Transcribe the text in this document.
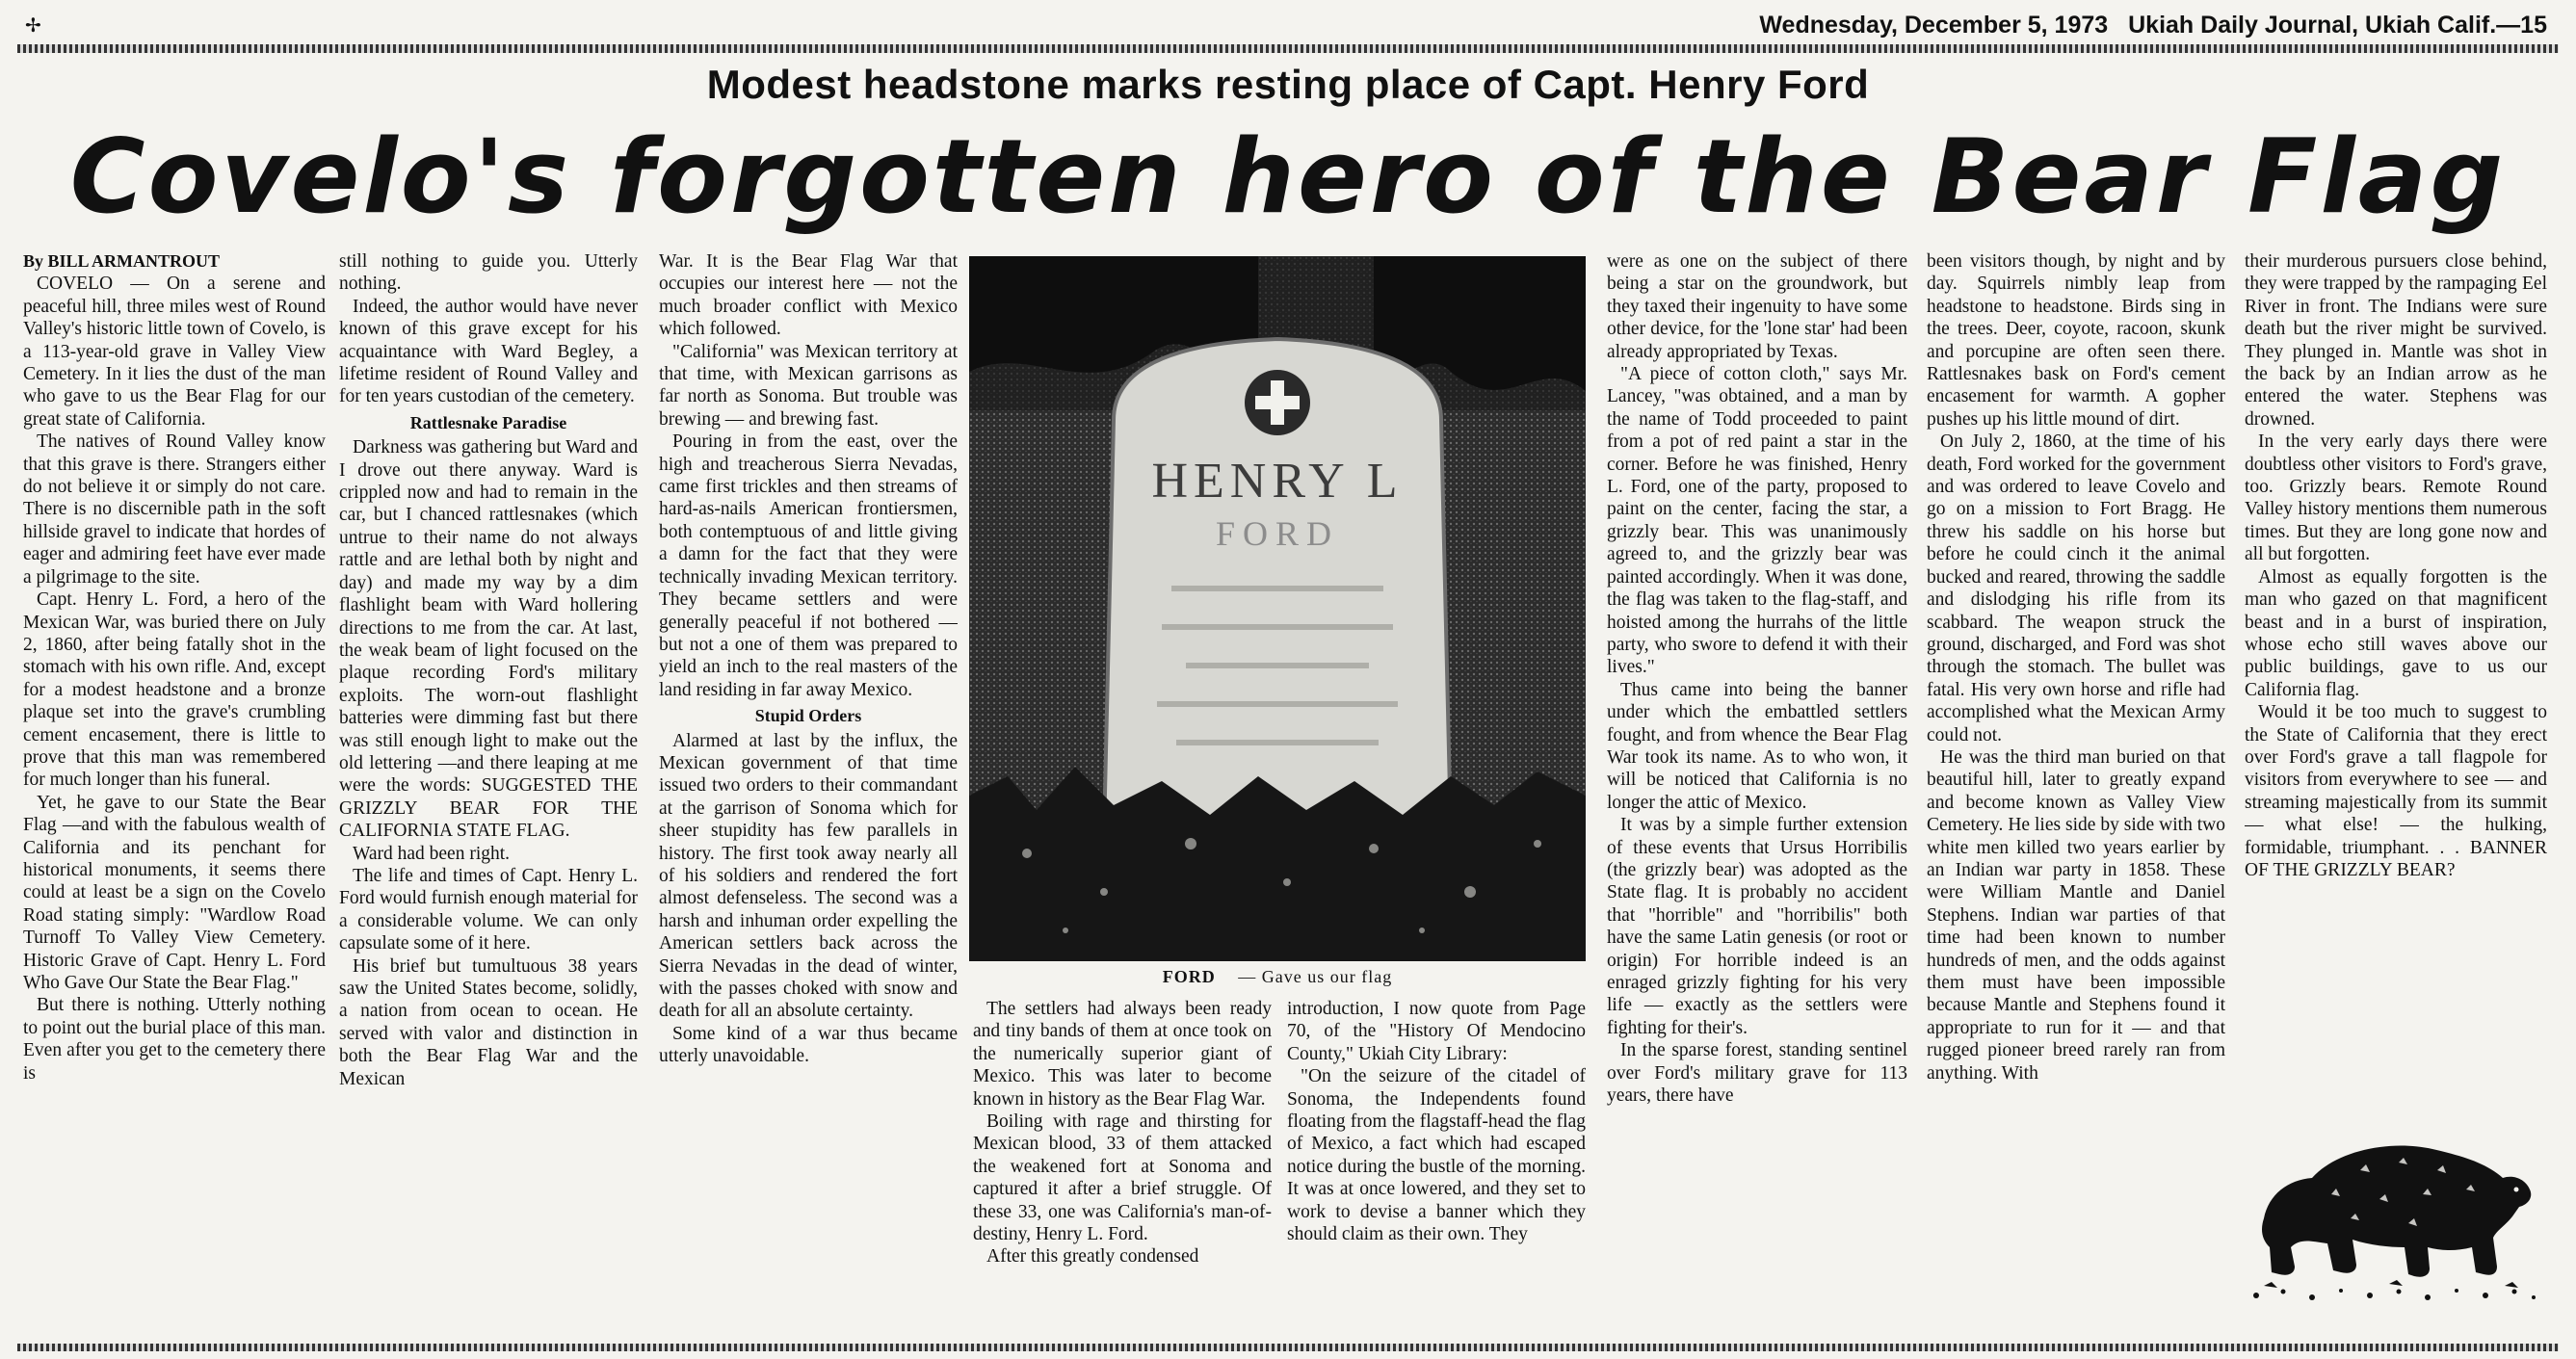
✢	Wednesday, December 5, 1973 Ukiah Daily Journal, Ukiah Calif.—15
Modest headstone marks resting place of Capt. Henry Ford
Covelo's forgotten hero of the Bear Flag

By BILL ARMANTROUT

COVELO — On a serene and peaceful hill, three miles west of Round Valley's historic little town of Covelo, is a 113-year-old grave in Valley View Cemetery. In it lies the dust of the man who gave to us the Bear Flag for our great state of California.

The natives of Round Valley know that this grave is there. Strangers either do not believe it or simply do not care. There is no discernible path in the soft hillside gravel to indicate that hordes of eager and admiring feet have ever made a pilgrimage to the site.

Capt. Henry L. Ford, a hero of the Mexican War, was buried there on July 2, 1860, after being fatally shot in the stomach with his own rifle. And, except for a modest headstone and a bronze plaque set into the grave's crumbling cement encasement, there is little to prove that this man was remembered for much longer than his funeral.

Yet, he gave to our State the Bear Flag —and with the fabulous wealth of California and its penchant for historical monuments, it seems there could at least be a sign on the Covelo Road stating simply: "Wardlow Road Turnoff To Valley View Cemetery. Historic Grave of Capt. Henry L. Ford Who Gave Our State the Bear Flag."

But there is nothing. Utterly nothing to point out the burial place of this man. Even after you get to the cemetery there is

still nothing to guide you. Utterly nothing.

Indeed, the author would have never known of this grave except for his acquaintance with Ward Begley, a lifetime resident of Round Valley and for ten years custodian of the cemetery.

Rattlesnake Paradise

Darkness was gathering but Ward and I drove out there anyway. Ward is crippled now and had to remain in the car, but I chanced rattlesnakes (which untrue to their name do not always rattle and are lethal both by night and day) and made my way by a dim flashlight beam with Ward hollering directions to me from the car. At last, the weak beam of light focused on the plaque recording Ford's military exploits. The worn-out flashlight batteries were dimming fast but there was still enough light to make out the old lettering —and there leaping at me were the words: SUGGESTED THE GRIZZLY BEAR FOR THE CALIFORNIA STATE FLAG.

Ward had been right.

The life and times of Capt. Henry L. Ford would furnish enough material for a considerable volume. We can only capsulate some of it here.

His brief but tumultuous 38 years saw the United States become, solidly, a nation from ocean to ocean. He served with valor and distinction in both the Bear Flag War and the Mexican

War. It is the Bear Flag War that occupies our interest here — not the much broader conflict with Mexico which followed.

"California" was Mexican territory at that time, with Mexican garrisons as far north as Sonoma. But trouble was brewing — and brewing fast.

Pouring in from the east, over the high and treacherous Sierra Nevadas, came first trickles and then streams of hard-as-nails American frontiersmen, both contemptuous of and little giving a damn for the fact that they were technically invading Mexican territory. They became settlers and were generally peaceful if not bothered — but not a one of them was prepared to yield an inch to the real masters of the land residing in far away Mexico.

Stupid Orders

Alarmed at last by the influx, the Mexican government of that time issued two orders to their commandant at the garrison of Sonoma which for sheer stupidity has few parallels in history. The first took away nearly all of his soldiers and rendered the fort almost defenseless. The second was a harsh and inhuman order expelling the American settlers back across the Sierra Nevadas in the dead of winter, with the passes choked with snow and death for all an absolute certainty.

Some kind of a war thus became utterly unavoidable.

HENRY L
FORD
FORD — Gave us our flag

The settlers had always been ready and tiny bands of them at once took on the numerically superior giant of Mexico. This was later to become known in history as the Bear Flag War.

Boiling with rage and thirsting for Mexican blood, 33 of them attacked the weakened fort at Sonoma and captured it after a brief struggle. Of these 33, one was California's man-of-destiny, Henry L. Ford.

After this greatly condensed

introduction, I now quote from Page 70, of the "History Of Mendocino County," Ukiah City Library:

"On the seizure of the citadel of Sonoma, the Independents found floating from the flagstaff-head the flag of Mexico, a fact which had escaped notice during the bustle of the morning. It was at once lowered, and they set to work to devise a banner which they should claim as their own. They

were as one on the subject of there being a star on the groundwork, but they taxed their ingenuity to have some other device, for the 'lone star' had been already appropriated by Texas.

"A piece of cotton cloth," says Mr. Lancey, "was obtained, and a man by the name of Todd proceeded to paint from a pot of red paint a star in the corner. Before he was finished, Henry L. Ford, one of the party, proposed to paint on the center, facing the star, a grizzly bear. This was unanimously agreed to, and the grizzly bear was painted accordingly. When it was done, the flag was taken to the flag-staff, and hoisted among the hurrahs of the little party, who swore to defend it with their lives."

Thus came into being the banner under which the embattled settlers fought, and from whence the Bear Flag War took its name. As to who won, it will be noticed that California is no longer the attic of Mexico.

It was by a simple further extension of these events that Ursus Horribilis (the grizzly bear) was adopted as the State flag. It is probably no accident that "horrible" and "horribilis" both have the same Latin genesis (or root or origin) For horrible indeed is an enraged grizzly fighting for his very life — exactly as the settlers were fighting for their's.

In the sparse forest, standing sentinel over Ford's military grave for 113 years, there have

been visitors though, by night and by day. Squirrels nimbly leap from headstone to headstone. Birds sing in the trees. Deer, coyote, racoon, skunk and porcupine are often seen there. Rattlesnakes bask on Ford's cement encasement for warmth. A gopher pushes up his little mound of dirt.

On July 2, 1860, at the time of his death, Ford worked for the government and was ordered to leave Covelo and go on a mission to Fort Bragg. He threw his saddle on his horse but before he could cinch it the animal bucked and reared, throwing the saddle and dislodging his rifle from its scabbard. The weapon struck the ground, discharged, and Ford was shot through the stomach. The bullet was fatal. His very own horse and rifle had accomplished what the Mexican Army could not.

He was the third man buried on that beautiful hill, later to greatly expand and become known as Valley View Cemetery. He lies side by side with two white men killed two years earlier by an Indian war party in 1858. These were William Mantle and Daniel Stephens. Indian war parties of that time had been known to number hundreds of men, and the odds against them must have been impossible because Mantle and Stephens found it appropriate to run for it — and that rugged pioneer breed rarely ran from anything. With

their murderous pursuers close behind, they were trapped by the rampaging Eel River in front. The Indians were sure death but the river might be survived. They plunged in. Mantle was shot in the back by an Indian arrow as he entered the water. Stephens was drowned.

In the very early days there were doubtless other visitors to Ford's grave, too. Grizzly bears. Remote Round Valley history mentions them numerous times. But they are long gone now and all but forgotten.

Almost as equally forgotten is the man who gazed on that magnificent beast and in a burst of inspiration, whose echo still waves above our public buildings, gave to us our California flag.

Would it be too much to suggest to the State of California that they erect over Ford's grave a tall flagpole for visitors from everywhere to see — and streaming majestically from its summit — what else! — the hulking, formidable, triumphant. . . BANNER OF THE GRIZZLY BEAR?
